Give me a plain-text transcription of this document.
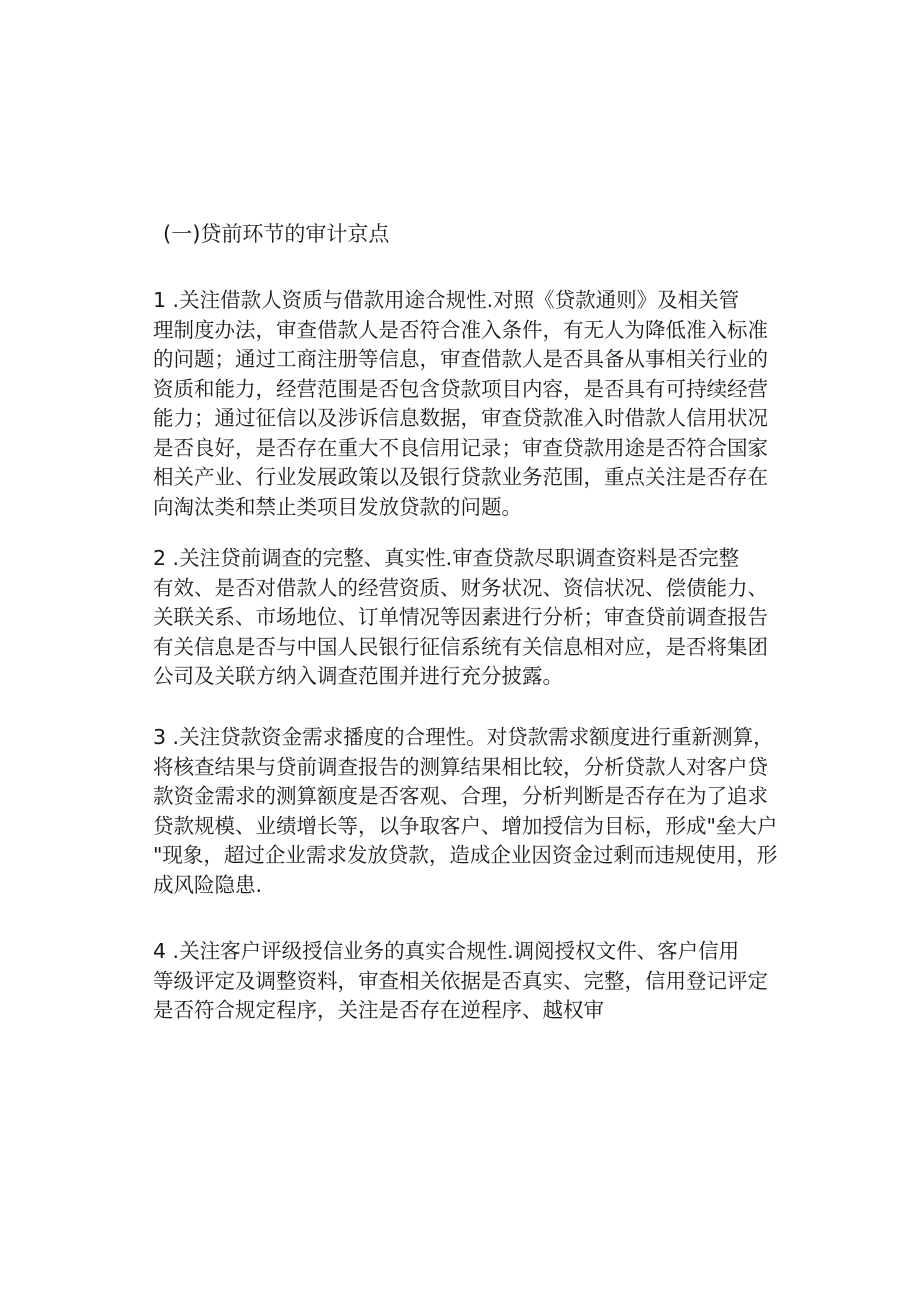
(一)贷前环节的审计京点

1 .关注借款人资质与借款用途合规性.对照《贷款通则》及相关管
理制度办法，审查借款人是否符合准入条件，有无人为降低准入标准
的问题；通过工商注册等信息，审查借款人是否具备从事相关行业的
资质和能力，经营范围是否包含贷款项目内容，是否具有可持续经营
能力；通过征信以及涉诉信息数据，审查贷款准入时借款人信用状况
是否良好，是否存在重大不良信用记录；审查贷款用途是否符合国家
相关产业、行业发展政策以及银行贷款业务范围，重点关注是否存在
向淘汰类和禁止类项目发放贷款的问题。

2 .关注贷前调查的完整、真实性.审查贷款尽职调查资料是否完整
有效、是否对借款人的经营资质、财务状况、资信状况、偿债能力、
关联关系、市场地位、订单情况等因素进行分析；审查贷前调查报告
有关信息是否与中国人民银行征信系统有关信息相对应，是否将集团
公司及关联方纳入调查范围并进行充分披露。

3 .关注贷款资金需求播度的合理性。对贷款需求额度进行重新测算，
将核查结果与贷前调查报告的测算结果相比较，分析贷款人对客户贷
款资金需求的测算额度是否客观、合理，分析判断是否存在为了追求
贷款规模、业绩增长等，以争取客户、增加授信为目标，形成"垒大户
"现象，超过企业需求发放贷款，造成企业因资金过剩而违规使用，形
成风险隐患.

4 .关注客户评级授信业务的真实合规性.调阅授权文件、客户信用
等级评定及调整资料，审查相关依据是否真实、完整，信用登记评定
是否符合规定程序，关注是否存在逆程序、越权审
